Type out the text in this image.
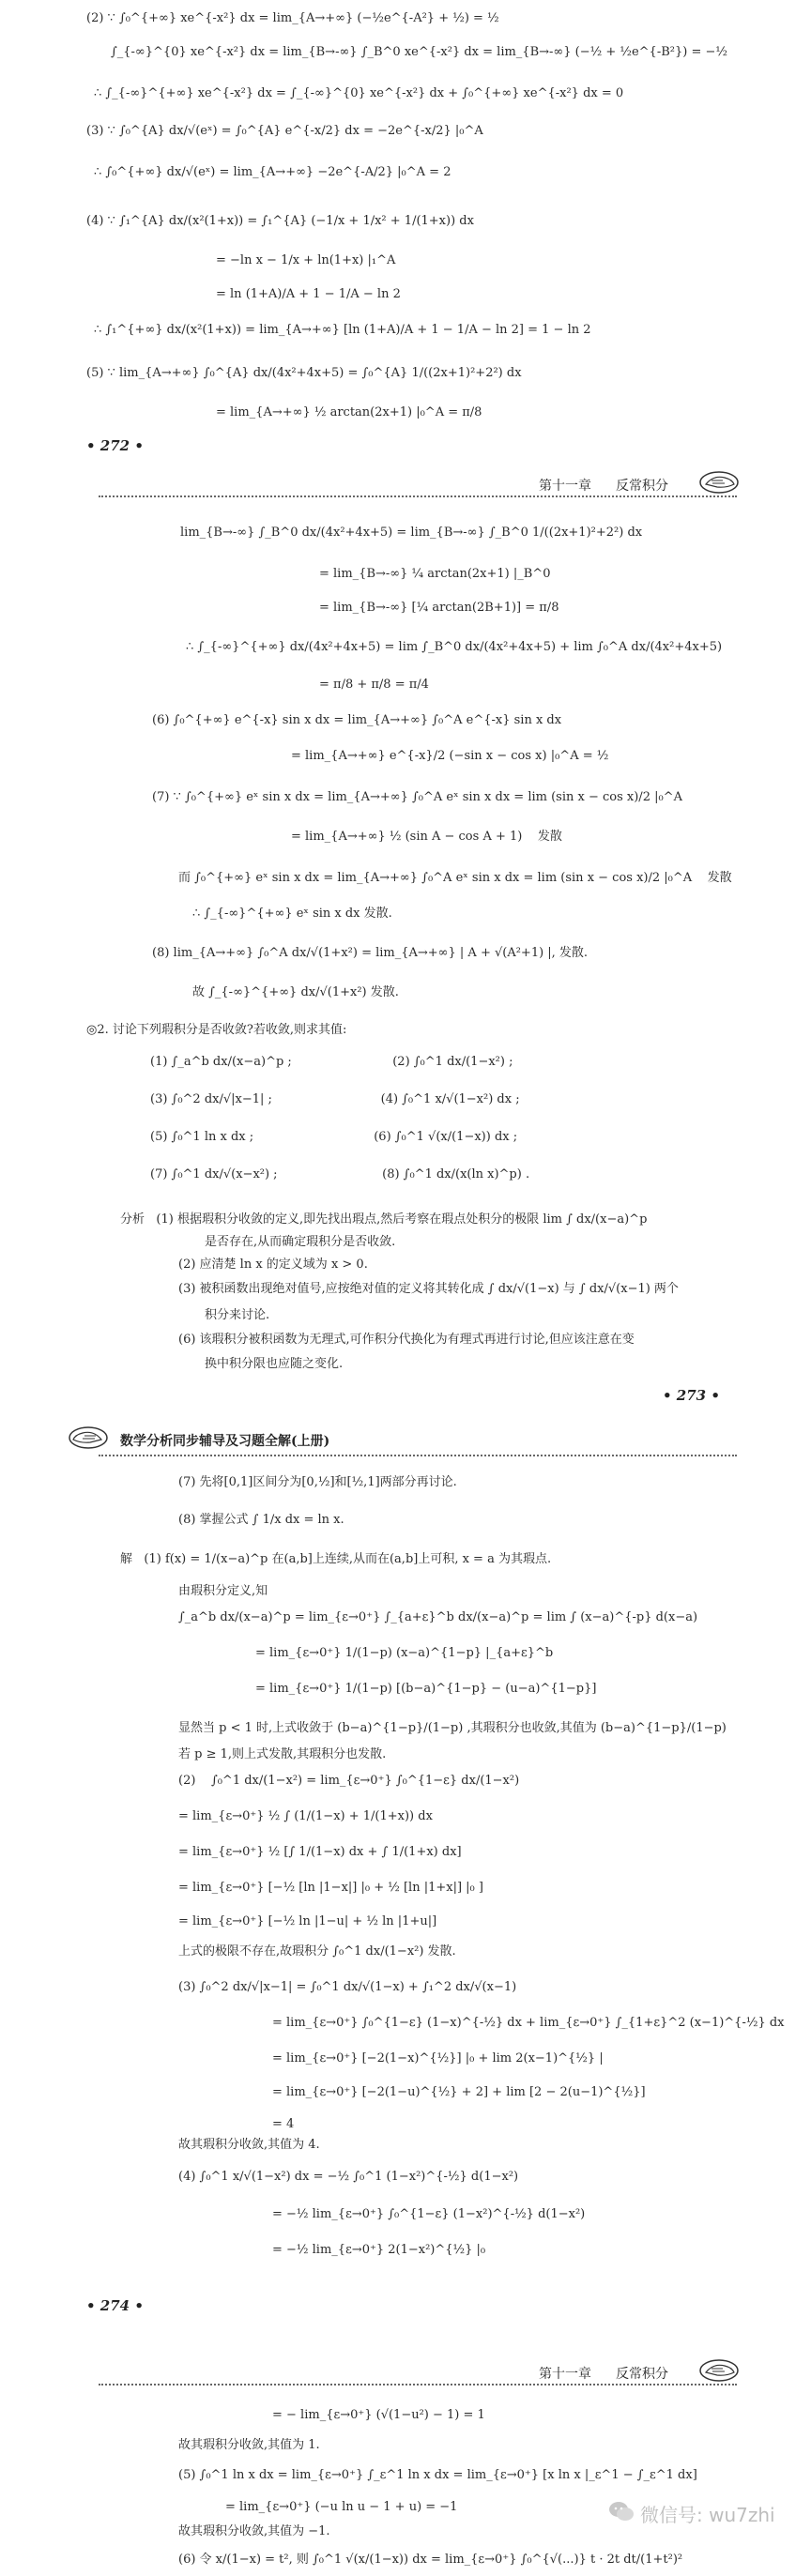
(2) ∵ ∫₀^{+∞} xe^{-x²} dx = lim_{A→+∞} (−½e^{-A²} + ½) = ½
∫_{-∞}^{0} xe^{-x²} dx = lim_{B→-∞} ∫_B^0 xe^{-x²} dx = lim_{B→-∞} (−½ + ½e^{-B²}) = −½
∴ ∫_{-∞}^{+∞} xe^{-x²} dx = ∫_{-∞}^{0} xe^{-x²} dx + ∫₀^{+∞} xe^{-x²} dx = 0
(3) ∵ ∫₀^{A} dx/√(eˣ) = ∫₀^{A} e^{-x/2} dx = −2e^{-x/2} |₀^A
∴ ∫₀^{+∞} dx/√(eˣ) = lim_{A→+∞} −2e^{-A/2} |₀^A = 2
(4) ∵ ∫₁^{A} dx/(x²(1+x)) = ∫₁^{A} (−1/x + 1/x² + 1/(1+x)) dx
= −ln x − 1/x + ln(1+x) |₁^A
= ln (1+A)/A + 1 − 1/A − ln 2
∴ ∫₁^{+∞} dx/(x²(1+x)) = lim_{A→+∞} [ln (1+A)/A + 1 − 1/A − ln 2] = 1 − ln 2
(5) ∵ lim_{A→+∞} ∫₀^{A} dx/(4x²+4x+5) = ∫₀^{A} 1/((2x+1)²+2²) dx
= lim_{A→+∞} ½ arctan(2x+1) |₀^A = π/8
• 272 •
第十一章 反常积分
lim_{B→-∞} ∫_B^0 dx/(4x²+4x+5) = lim_{B→-∞} ∫_B^0 1/((2x+1)²+2²) dx
= lim_{B→-∞} ¼ arctan(2x+1) |_B^0
= lim_{B→-∞} [¼ arctan(2B+1)] = π/8
∴ ∫_{-∞}^{+∞} dx/(4x²+4x+5) = lim ∫_B^0 dx/(4x²+4x+5) + lim ∫₀^A dx/(4x²+4x+5)
= π/8 + π/8 = π/4
(6) ∫₀^{+∞} e^{-x} sin x dx = lim_{A→+∞} ∫₀^A e^{-x} sin x dx
= lim_{A→+∞} e^{-x}/2 (−sin x − cos x) |₀^A = ½
(7) ∵ ∫₀^{+∞} eˣ sin x dx = lim_{A→+∞} ∫₀^A eˣ sin x dx = lim (sin x − cos x)/2 |₀^A
= lim_{A→+∞} ½ (sin A − cos A + 1)    发散
而 ∫₀^{+∞} eˣ sin x dx = lim_{A→+∞} ∫₀^A eˣ sin x dx = lim (sin x − cos x)/2 |₀^A    发散
∴ ∫_{-∞}^{+∞} eˣ sin x dx 发散.
(8) lim_{A→+∞} ∫₀^A dx/√(1+x²) = lim_{A→+∞} | A + √(A²+1) |, 发散.
故 ∫_{-∞}^{+∞} dx/√(1+x²) 发散.
◎2. 讨论下列瑕积分是否收敛?若收敛,则求其值:
(1) ∫_a^b dx/(x−a)^p ;                          (2) ∫₀^1 dx/(1−x²) ;
(3) ∫₀^2 dx/√|x−1| ;                            (4) ∫₀^1 x/√(1−x²) dx ;
(5) ∫₀^1 ln x dx ;                               (6) ∫₀^1 √(x/(1−x)) dx ;
(7) ∫₀^1 dx/√(x−x²) ;                           (8) ∫₀^1 dx/(x(ln x)^p) .
分析   (1) 根据瑕积分收敛的定义,即先找出瑕点,然后考察在瑕点处积分的极限 lim ∫ dx/(x−a)^p
是否存在,从而确定瑕积分是否收敛.
(2) 应清楚 ln x 的定义域为 x > 0.
(3) 被积函数出现绝对值号,应按绝对值的定义将其转化成 ∫ dx/√(1−x) 与 ∫ dx/√(x−1) 两个
积分来讨论.
(6) 该瑕积分被积函数为无理式,可作积分代换化为有理式再进行讨论,但应该注意在变
换中积分限也应随之变化.
• 273 •
数学分析同步辅导及习题全解(上册)
(7) 先将[0,1]区间分为[0,½]和[½,1]两部分再讨论.
(8) 掌握公式 ∫ 1/x dx = ln x.
解   (1) f(x) = 1/(x−a)^p 在(a,b]上连续,从而在(a,b]上可积, x = a 为其瑕点.
由瑕积分定义,知
∫_a^b dx/(x−a)^p = lim_{ε→0⁺} ∫_{a+ε}^b dx/(x−a)^p = lim ∫ (x−a)^{-p} d(x−a)
= lim_{ε→0⁺} 1/(1−p) (x−a)^{1−p} |_{a+ε}^b
= lim_{ε→0⁺} 1/(1−p) [(b−a)^{1−p} − (u−a)^{1−p}]
显然当 p < 1 时,上式收敛于 (b−a)^{1−p}/(1−p) ,其瑕积分也收敛,其值为 (b−a)^{1−p}/(1−p)
若 p ≥ 1,则上式发散,其瑕积分也发散.
(2)    ∫₀^1 dx/(1−x²) = lim_{ε→0⁺} ∫₀^{1−ε} dx/(1−x²)
= lim_{ε→0⁺} ½ ∫ (1/(1−x) + 1/(1+x)) dx
= lim_{ε→0⁺} ½ [∫ 1/(1−x) dx + ∫ 1/(1+x) dx]
= lim_{ε→0⁺} [−½ [ln |1−x|] |₀ + ½ [ln |1+x|] |₀ ]
= lim_{ε→0⁺} [−½ ln |1−u| + ½ ln |1+u|]
上式的极限不存在,故瑕积分 ∫₀^1 dx/(1−x²) 发散.
(3) ∫₀^2 dx/√|x−1| = ∫₀^1 dx/√(1−x) + ∫₁^2 dx/√(x−1)
= lim_{ε→0⁺} ∫₀^{1−ε} (1−x)^{-½} dx + lim_{ε→0⁺} ∫_{1+ε}^2 (x−1)^{-½} dx
= lim_{ε→0⁺} [−2(1−x)^{½}] |₀ + lim 2(x−1)^{½} |
= lim_{ε→0⁺} [−2(1−u)^{½} + 2] + lim [2 − 2(u−1)^{½}]
= 4
故其瑕积分收敛,其值为 4.
(4) ∫₀^1 x/√(1−x²) dx = −½ ∫₀^1 (1−x²)^{-½} d(1−x²)
= −½ lim_{ε→0⁺} ∫₀^{1−ε} (1−x²)^{-½} d(1−x²)
= −½ lim_{ε→0⁺} 2(1−x²)^{½} |₀
• 274 •
第十一章 反常积分
= − lim_{ε→0⁺} (√(1−u²) − 1) = 1
故其瑕积分收敛,其值为 1.
(5) ∫₀^1 ln x dx = lim_{ε→0⁺} ∫_ε^1 ln x dx = lim_{ε→0⁺} [x ln x |_ε^1 − ∫_ε^1 dx]
= lim_{ε→0⁺} (−u ln u − 1 + u) = −1
故其瑕积分收敛,其值为 −1.
(6) 令 x/(1−x) = t², 则 ∫₀^1 √(x/(1−x)) dx = lim_{ε→0⁺} ∫₀^{√(...)} t · 2t dt/(1+t²)²
微信号: wu7zhi
